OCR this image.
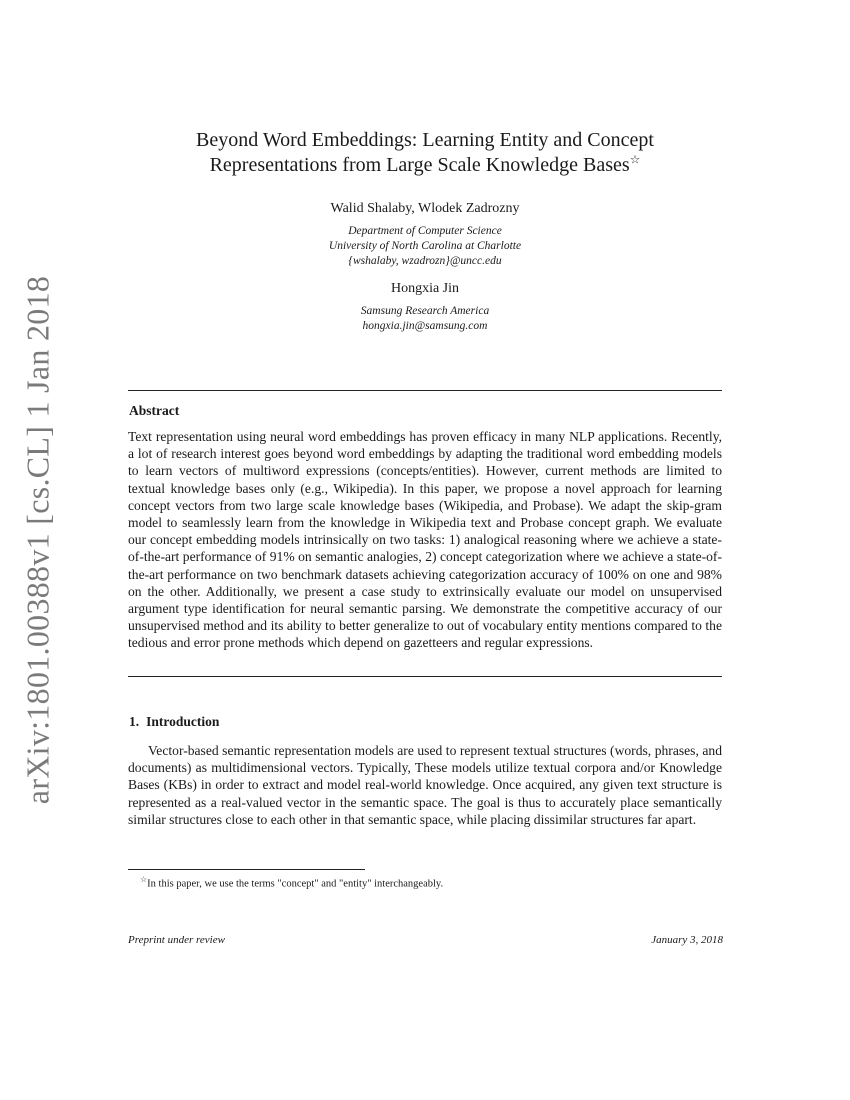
arXiv:1801.00388v1 [cs.CL] 1 Jan 2018
Beyond Word Embeddings: Learning Entity and Concept
Representations from Large Scale Knowledge Bases☆
Walid Shalaby, Wlodek Zadrozny
Department of Computer Science
University of North Carolina at Charlotte
{wshalaby, wzadrozn}@uncc.edu
Hongxia Jin
Samsung Research America
hongxia.jin@samsung.com
Abstract

Text representation using neural word embeddings has proven efficacy in many NLP applications. Recently, a lot of research interest goes beyond word embeddings by adapting the traditional word embedding models to learn vectors of multiword expressions (concepts/entities). However, current methods are limited to textual knowledge bases only (e.g., Wikipedia). In this paper, we propose a novel approach for learning concept vectors from two large scale knowledge bases (Wikipedia, and Probase). We adapt the skip-gram model to seamlessly learn from the knowledge in Wikipedia text and Probase concept graph. We evaluate our concept embedding models intrinsically on two tasks: 1) analogical reasoning where we achieve a state-of-the-art performance of 91% on semantic analogies, 2) concept categorization where we achieve a state-of-the-art performance on two benchmark datasets achieving categorization accuracy of 100% on one and 98% on the other. Additionally, we present a case study to extrinsically evaluate our model on unsupervised argument type identification for neural semantic parsing. We demonstrate the competitive accuracy of our unsupervised method and its ability to better generalize to out of vocabulary entity mentions compared to the tedious and error prone methods which depend on gazetteers and regular expressions.

1. Introduction

Vector-based semantic representation models are used to represent textual structures (words, phrases, and documents) as multidimensional vectors. Typically, These models utilize textual corpora and/or Knowledge Bases (KBs) in order to extract and model real-world knowledge. Once acquired, any given text structure is represented as a real-valued vector in the semantic space. The goal is thus to accurately place semantically similar structures close to each other in that semantic space, while placing dissimilar structures far apart.

☆In this paper, we use the terms "concept" and "entity" interchangeably.
Preprint under review	January 3, 2018
